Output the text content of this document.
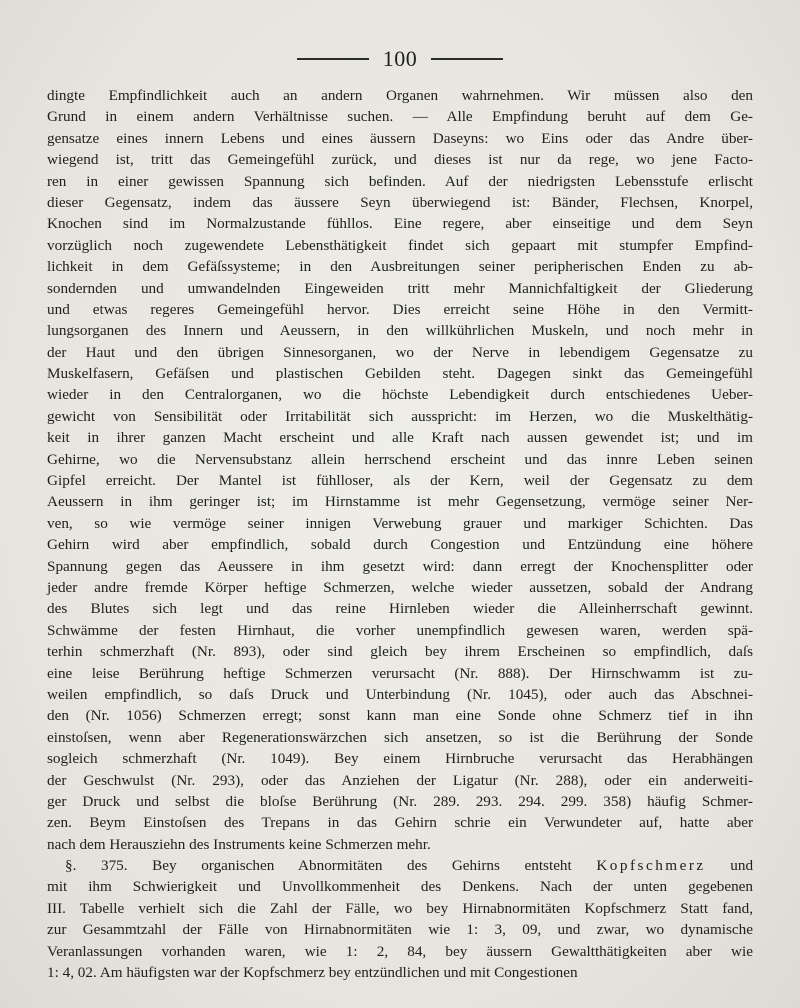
100
dingte Empfindlichkeit auch an andern Organen wahrnehmen. Wir müssen also den
Grund in einem andern Verhältnisse suchen. — Alle Empfindung beruht auf dem Ge-
gensatze eines innern Lebens und eines äussern Daseyns: wo Eins oder das Andre über-
wiegend ist, tritt das Gemeingefühl zurück, und dieses ist nur da rege, wo jene Facto-
ren in einer gewissen Spannung sich befinden. Auf der niedrigsten Lebensstufe erlischt
dieser Gegensatz, indem das äussere Seyn überwiegend ist: Bänder, Flechsen, Knorpel,
Knochen sind im Normalzustande fühllos. Eine regere, aber einseitige und dem Seyn
vorzüglich noch zugewendete Lebensthätigkeit findet sich gepaart mit stumpfer Empfind-
lichkeit in dem Gefäſssysteme; in den Ausbreitungen seiner peripherischen Enden zu ab-
sondernden und umwandelnden Eingeweiden tritt mehr Mannichfaltigkeit der Gliederung
und etwas regeres Gemeingefühl hervor. Dies erreicht seine Höhe in den Vermitt-
lungsorganen des Innern und Aeussern, in den willkührlichen Muskeln, und noch mehr in
der Haut und den übrigen Sinnesorganen, wo der Nerve in lebendigem Gegensatze zu
Muskelfasern, Gefäſsen und plastischen Gebilden steht. Dagegen sinkt das Gemeingefühl
wieder in den Centralorganen, wo die höchste Lebendigkeit durch entschiedenes Ueber-
gewicht von Sensibilität oder Irritabilität sich ausspricht: im Herzen, wo die Muskelthätig-
keit in ihrer ganzen Macht erscheint und alle Kraft nach aussen gewendet ist; und im
Gehirne, wo die Nervensubstanz allein herrschend erscheint und das innre Leben seinen
Gipfel erreicht. Der Mantel ist fühlloser, als der Kern, weil der Gegensatz zu dem
Aeussern in ihm geringer ist; im Hirnstamme ist mehr Gegensetzung, vermöge seiner Ner-
ven, so wie vermöge seiner innigen Verwebung grauer und markiger Schichten. Das
Gehirn wird aber empfindlich, sobald durch Congestion und Entzündung eine höhere
Spannung gegen das Aeussere in ihm gesetzt wird: dann erregt der Knochensplitter oder
jeder andre fremde Körper heftige Schmerzen, welche wieder aussetzen, sobald der Andrang
des Blutes sich legt und das reine Hirnleben wieder die Alleinherrschaft gewinnt.
Schwämme der festen Hirnhaut, die vorher unempfindlich gewesen waren, werden spä-
terhin schmerzhaft (Nr. 893), oder sind gleich bey ihrem Erscheinen so empfindlich, daſs
eine leise Berührung heftige Schmerzen verursacht (Nr. 888). Der Hirnschwamm ist zu-
weilen empfindlich, so daſs Druck und Unterbindung (Nr. 1045), oder auch das Abschnei-
den (Nr. 1056) Schmerzen erregt; sonst kann man eine Sonde ohne Schmerz tief in ihn
einstoſsen, wenn aber Regenerationswärzchen sich ansetzen, so ist die Berührung der Sonde
sogleich schmerzhaft (Nr. 1049). Bey einem Hirnbruche verursacht das Herabhängen
der Geschwulst (Nr. 293), oder das Anziehen der Ligatur (Nr. 288), oder ein anderweiti-
ger Druck und selbst die bloſse Berührung (Nr. 289. 293. 294. 299. 358) häufig Schmer-
zen. Beym Einstoſsen des Trepans in das Gehirn schrie ein Verwundeter auf, hatte aber
nach dem Herausziehn des Instruments keine Schmerzen mehr.
§. 375. Bey organischen Abnormitäten des Gehirns entsteht Kopfschmerz und
mit ihm Schwierigkeit und Unvollkommenheit des Denkens. Nach der unten gegebenen
III. Tabelle verhielt sich die Zahl der Fälle, wo bey Hirnabnormitäten Kopfschmerz Statt fand,
zur Gesammtzahl der Fälle von Hirnabnormitäten wie 1: 3, 09, und zwar, wo dynamische
Veranlassungen vorhanden waren, wie 1: 2, 84, bey äussern Gewaltthätigkeiten aber wie
1: 4, 02. Am häufigsten war der Kopfschmerz bey entzündlichen und mit Congestionen
